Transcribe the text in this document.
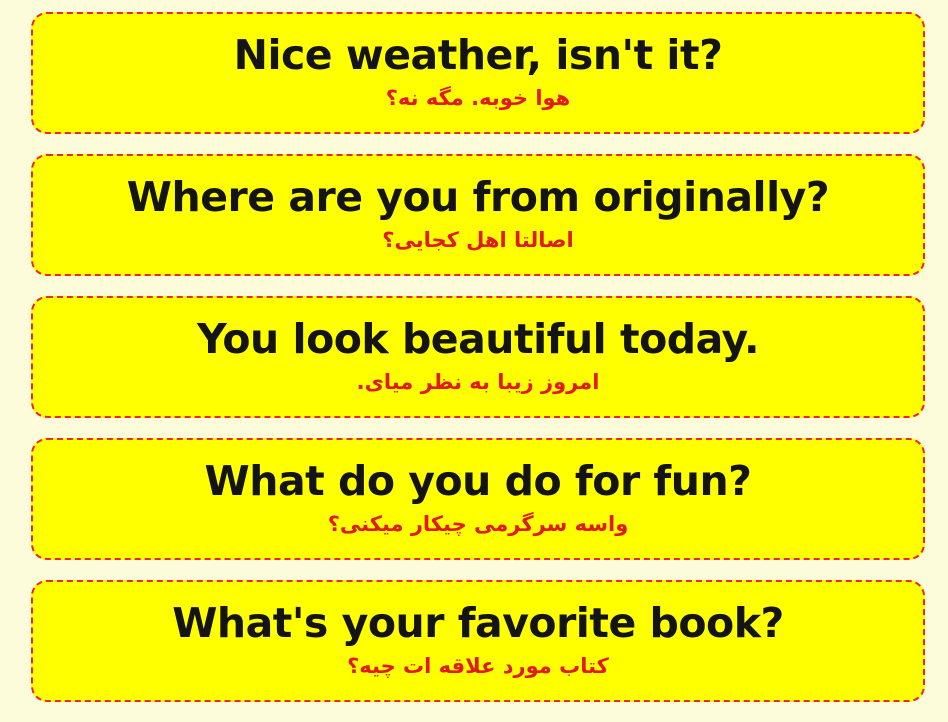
Nice weather, isn't it?
هوا خوبه. مگه نه؟
Where are you from originally?
اصالتا اهل کجایی؟
You look beautiful today.
امروز زیبا به نظر میای.
What do you do for fun?
واسه سرگرمی چیکار میکنی؟
What's your favorite book?
کتاب مورد علاقه ات چیه؟
